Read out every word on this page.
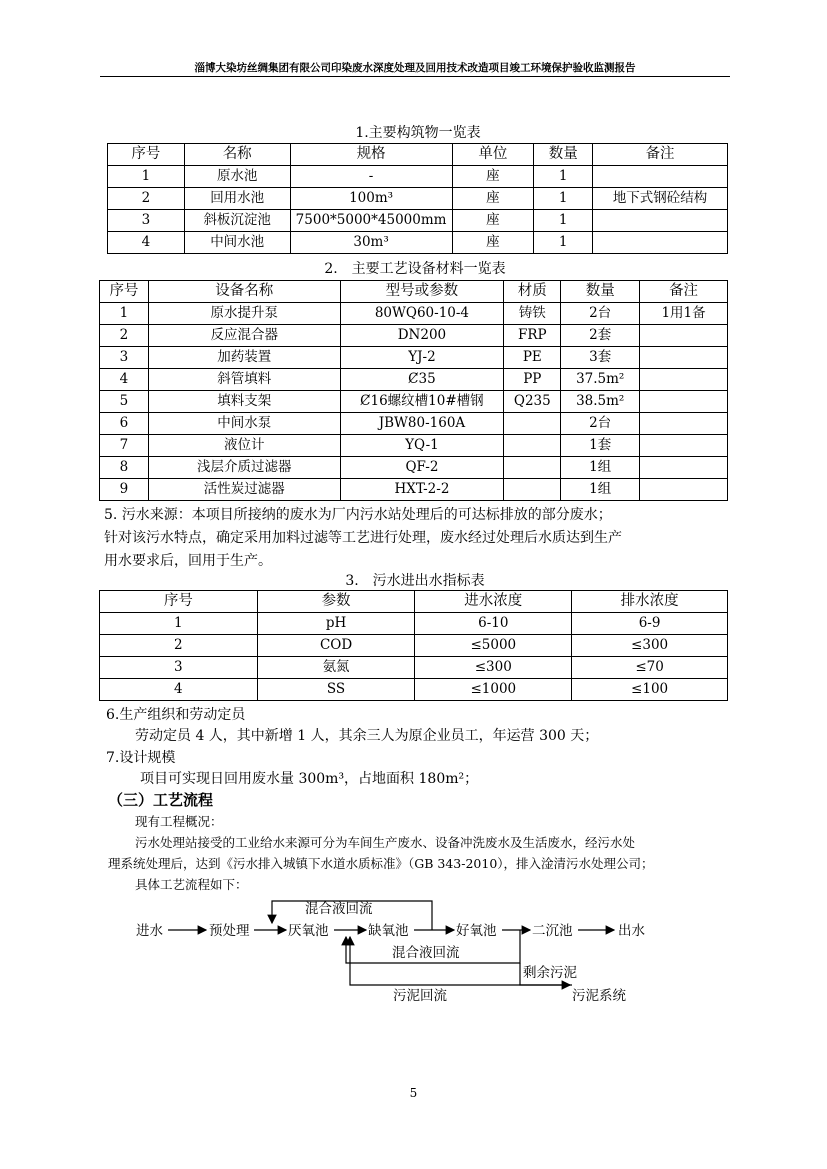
淄博大染坊丝绸集团有限公司印染废水深度处理及回用技术改造项目竣工环境保护验收监测报告
1.主要构筑物一览表
序号	名称	规格	单位	数量	备注
1	原水池	-	座	1	
2	回用水池	100m³	座	1	地下式钢砼结构
3	斜板沉淀池	7500*5000*45000mm	座	1	
4	中间水池	30m³	座	1	
2.　主要工艺设备材料一览表
序号	设备名称	型号或参数	材质	数量	备注
1	原水提升泵	80WQ60-10-4	铸铁	2台	1用1备
2	反应混合器	DN200	FRP	2套	
3	加药装置	YJ-2	PE	3套	
4	斜管填料	Ȼ35	PP	37.5m²	
5	填料支架	Ȼ16螺纹槽10#槽钢	Q235	38.5m²	
6	中间水泵	JBW80-160A		2台	
7	液位计	YQ-1		1套	
8	浅层介质过滤器	QF-2		1组	
9	活性炭过滤器	HXT-2-2		1组	
5. 污水来源：本项目所接纳的废水为厂内污水站处理后的可达标排放的部分废水；
针对该污水特点，确定采用加料过滤等工艺进行处理，废水经过处理后水质达到生产
用水要求后，回用于生产。
3.　污水进出水指标表
序号	参数	进水浓度	排水浓度
1	pH	6-10	6-9
2	COD	≤5000	≤300
3	氨氮	≤300	≤70
4	SS	≤1000	≤100
6.生产组织和劳动定员
劳动定员 4 人，其中新增 1 人，其余三人为原企业员工，年运营 300 天；
7.设计规模
项目可实现日回用废水量 300m³，占地面积 180m²；
（三）工艺流程
现有工程概况：
污水处理站接受的工业给水来源可分为车间生产废水、设备冲洗废水及生活废水，经污水处
理系统处理后，达到《污水排入城镇下水道水质标准》（GB 343-2010），排入淦清污水处理公司；
具体工艺流程如下：
进水	预处理	厌氧池	缺氧池	好氧池	二沉池	出水
混合液回流
混合液回流
剩余污泥
污泥回流	污泥系统
5
